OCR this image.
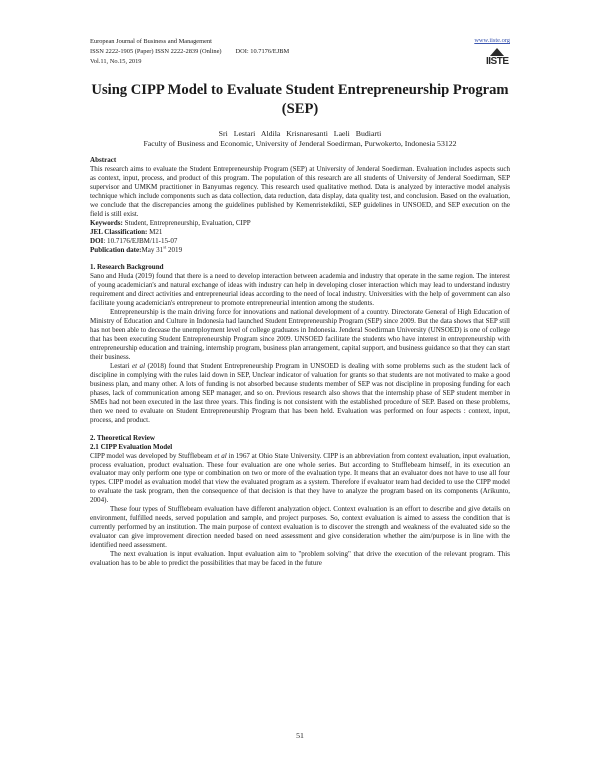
European Journal of Business and Management
ISSN 2222-1905 (Paper) ISSN 2222-2839 (Online) DOI: 10.7176/EJBM
Vol.11, No.15, 2019
www.iiste.org
IISTE
Using CIPP Model to Evaluate Student Entrepreneurship Program (SEP)
Sri Lestari Aldila Krisnaresanti Laeli Budiarti
Faculty of Business and Economic, University of Jenderal Soedirman, Purwokerto, Indonesia 53122

Abstract

This research aims to evaluate the Student Entrepreneurship Program (SEP) at University of Jenderal Soedirman. Evaluation includes aspects such as context, input, process, and product of this program. The population of this research are all students of University of Jenderal Soedirman, SEP supervisor and UMKM practitioner in Banyumas regency. This research used qualitative method. Data is analyzed by interactive model analysis technique which include components such as data collection, data reduction, data display, data quality test, and conclusion. Based on the evaluation, we conclude that the discrepancies among the guidelines published by Kemenristekdikti, SEP guidelines in UNSOED, and SEP execution on the field is still exist.

Keywords: Student, Entrepreneurship, Evaluation, CIPP

JEL Classification: M21

DOI: 10.7176/EJBM/11-15-07

Publication date:May 31st 2019

1. Research Background

Sano and Huda (2019) found that there is a need to develop interaction between academia and industry that operate in the same region. The interest of young academician's and natural exchange of ideas with industry can help in developing closer interaction which may lead to understand industry requirement and direct activities and entrepreneurial ideas according to the need of local industry. Universities with the help of government can also facilitate young academician's entrepreneur to promote entrepreneurial intention among the students.

Entrepreneurship is the main driving force for innovations and national development of a country. Directorate General of High Education of Ministry of Education and Culture in Indonesia had launched Student Entrepreneurship Program (SEP) since 2009. But the data shows that SEP still has not been able to decease the unemployment level of college graduates in Indonesia. Jenderal Soedirman University (UNSOED) is one of college that has been executing Student Entrepreneurship Program since 2009. UNSOED facilitate the students who have interest in entrepreneurship with entrepreneurship education and training, internship program, business plan arrangement, capital support, and business guidance so that they can start their business.

Lestari et al (2018) found that Student Entrepreneurship Program in UNSOED is dealing with some problems such as the student lack of discipline in complying with the rules laid down in SEP, Unclear indicator of valuation for grants so that students are not motivated to make a good business plan, and many other. A lots of funding is not absorbed because students member of SEP was not discipline in proposing funding for each phases, lack of communication among SEP manager, and so on. Previous research also shows that the internship phase of SEP student member in SMEs had not been executed in the last three years. This finding is not consistent with the established procedure of SEP. Based on these problems, then we need to evaluate on Student Entrepreneurship Program that has been held. Evaluation was performed on four aspects : context, input, process, and product.

2. Theoretical Review

2.1 CIPP Evaluation Model

CIPP model was developed by Stufflebeam et al in 1967 at Ohio State University. CIPP is an abbreviation from context evaluation, input evaluation, process evaluation, product evaluation. These four evaluation are one whole series. But according to Stufflebeam himself, in its execution an evaluator may only perform one type or combination on two or more of the evaluation type. It means that an evaluator does not have to use all four types. CIPP model as evaluation model that view the evaluated program as a system. Therefore if evaluator team had decided to use the CIPP model to evaluate the task program, then the consequence of that decision is that they have to analyze the program based on its components (Arikunto, 2004).

These four types of Stufflebeam evaluation have different analyzation object. Context evaluation is an effort to describe and give details on environment, fulfilled needs, served population and sample, and project purposes. So, context evaluation is aimed to assess the condition that is currently performed by an institution. The main purpose of context evaluation is to discover the strength and weakness of the evaluated side so the evaluator can give improvement direction needed based on need assessment and give consideration whether the aim/purpose is in line with the identified need assessment.

The next evaluation is input evaluation. Input evaluation aim to "problem solving" that drive the execution of the relevant program. This evaluation has to be able to predict the possibilities that may be faced in the future

51
